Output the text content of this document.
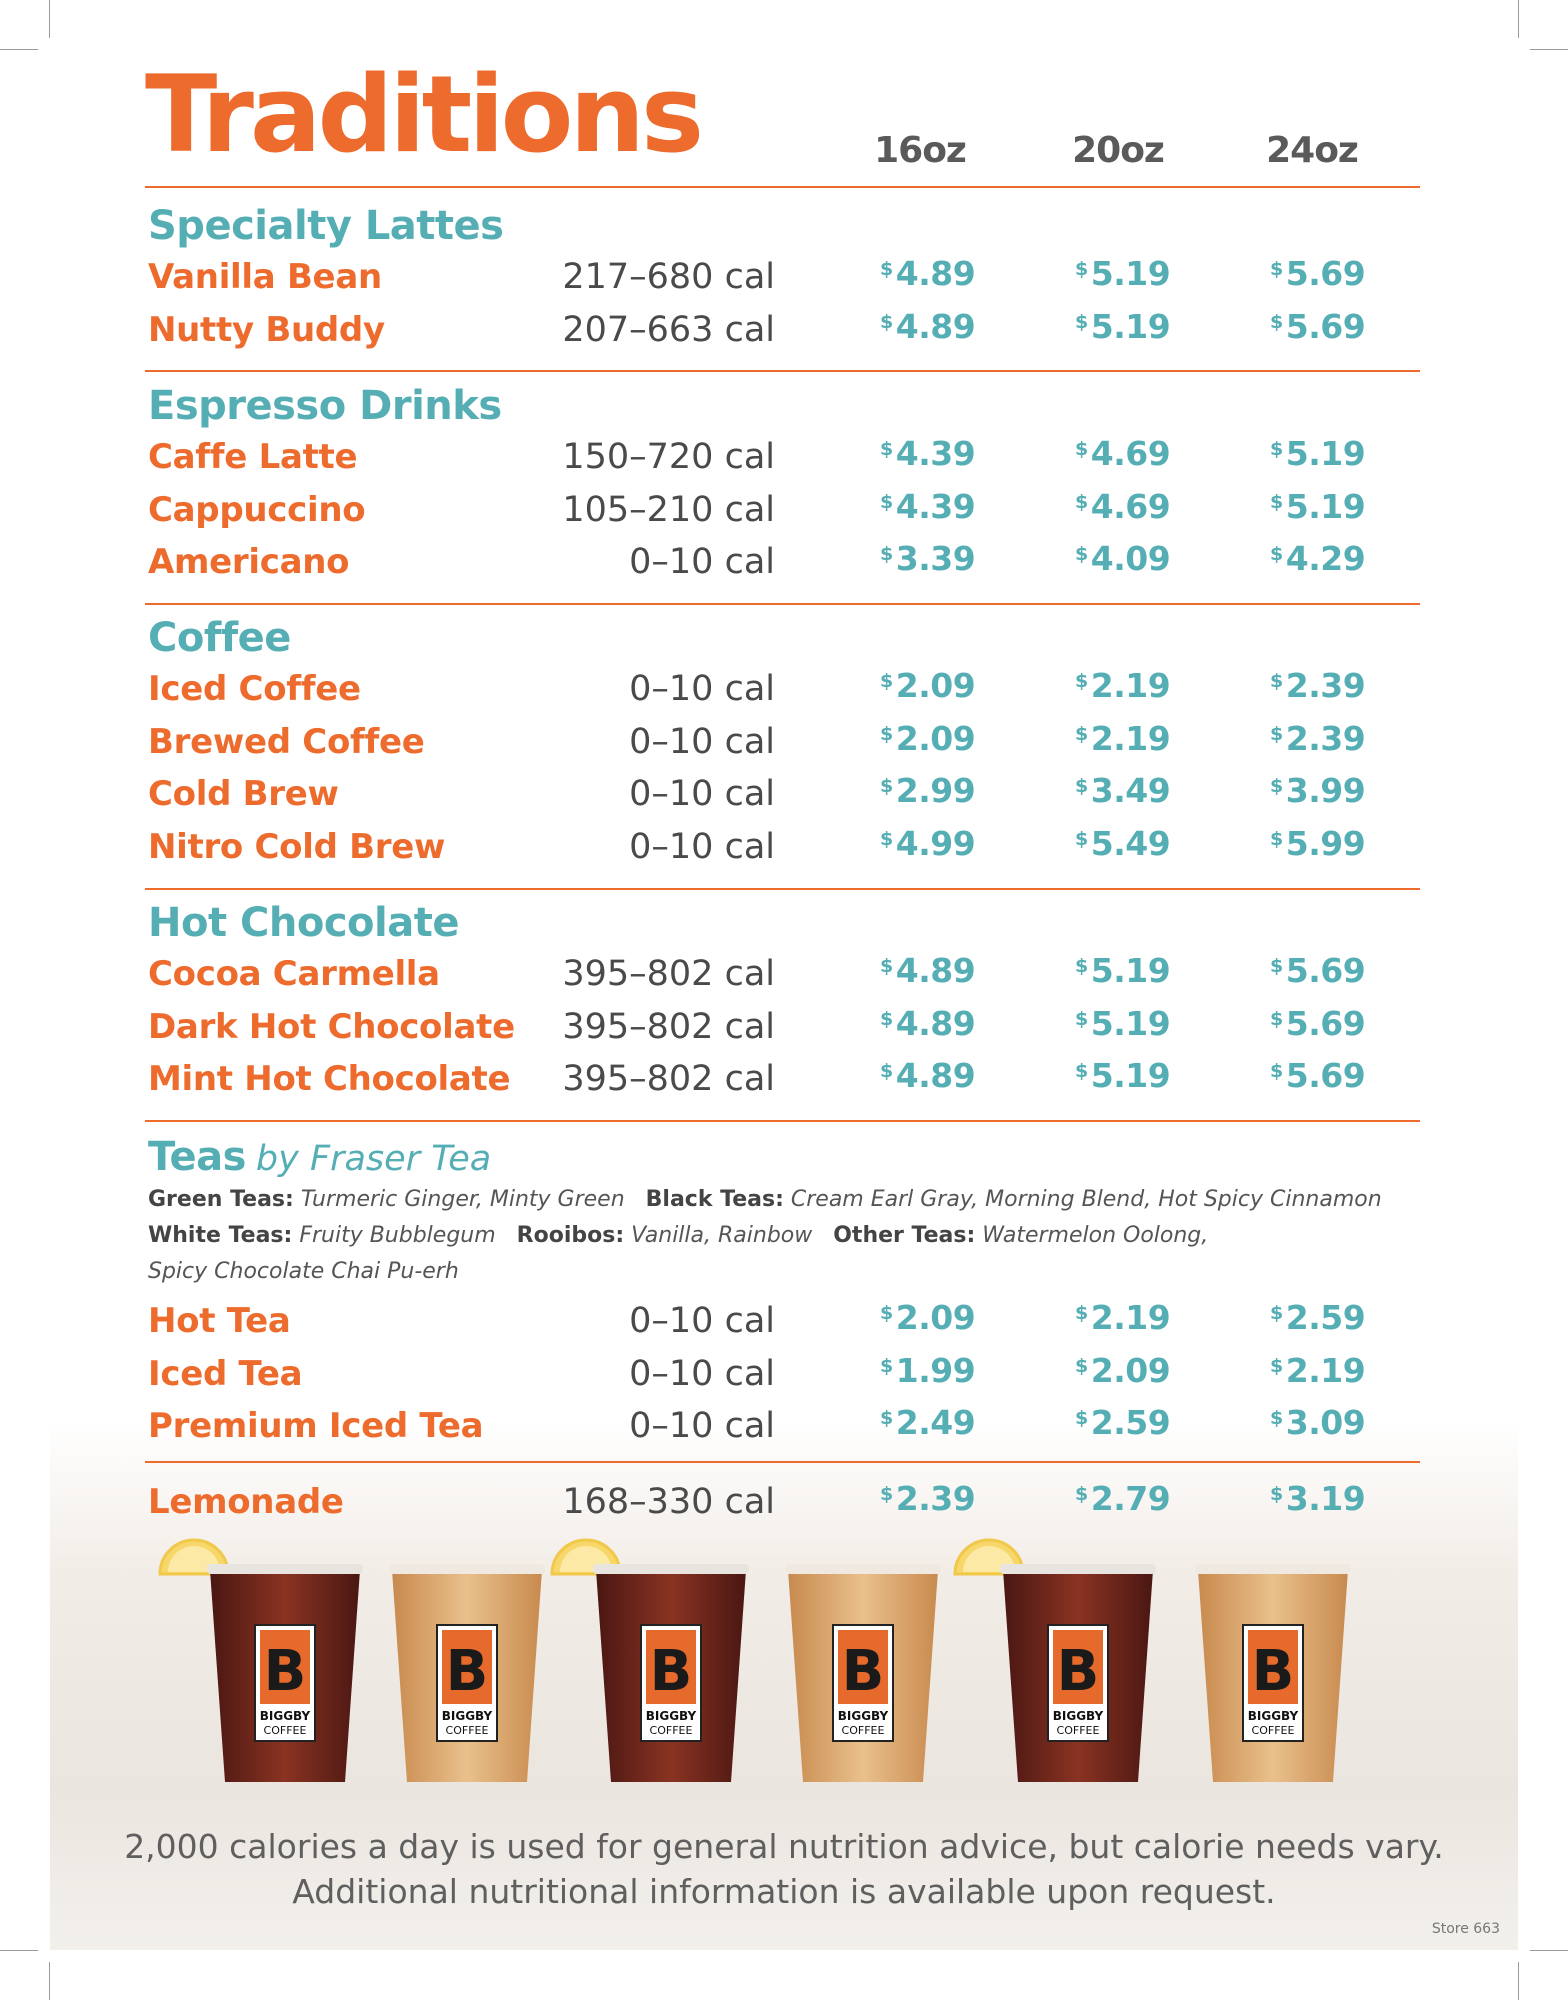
Traditions	16oz	20oz	24oz
Specialty Lattes
Vanilla Bean	217–680 cal	$4.89	$5.19	$5.69
Nutty Buddy	207–663 cal	$4.89	$5.19	$5.69
Espresso Drinks
Caffe Latte	150–720 cal	$4.39	$4.69	$5.19
Cappuccino	105–210 cal	$4.39	$4.69	$5.19
Americano	0–10 cal	$3.39	$4.09	$4.29
Coffee
Iced Coffee	0–10 cal	$2.09	$2.19	$2.39
Brewed Coffee	0–10 cal	$2.09	$2.19	$2.39
Cold Brew	0–10 cal	$2.99	$3.49	$3.99
Nitro Cold Brew	0–10 cal	$4.99	$5.49	$5.99
Hot Chocolate
Cocoa Carmella	395–802 cal	$4.89	$5.19	$5.69
Dark Hot Chocolate 395–802 cal	$4.89	$5.19	$5.69
Mint Hot Chocolate 395–802 cal	$4.89	$5.19	$5.69
Teas by Fraser Tea
Hot Tea	0–10 cal	$2.09	$2.19	$2.59
Iced Tea	0–10 cal	$1.99	$2.09	$2.19
Premium Iced Tea	0–10 cal	$2.49	$2.59	$3.09
Lemonade	168–330 cal	$2.39	$2.79	$3.19
Green Teas: Turmeric Ginger, Minty Green Black Teas: Cream Earl Gray, Morning Blend, Hot Spicy Cinnamon
White Teas: Fruity Bubblegum Rooibos: Vanilla, Rainbow Other Teas: Watermelon Oolong,
Spicy Chocolate Chai Pu-erh
B
BIGGBY
COFFEE
B
BIGGBY
COFFEE
B
BIGGBY
COFFEE
B
BIGGBY
COFFEE
B
BIGGBY
COFFEE
B
BIGGBY
COFFEE
2,000 calories a day is used for general nutrition advice, but calorie needs vary.
Additional nutritional information is available upon request.
Store 663
